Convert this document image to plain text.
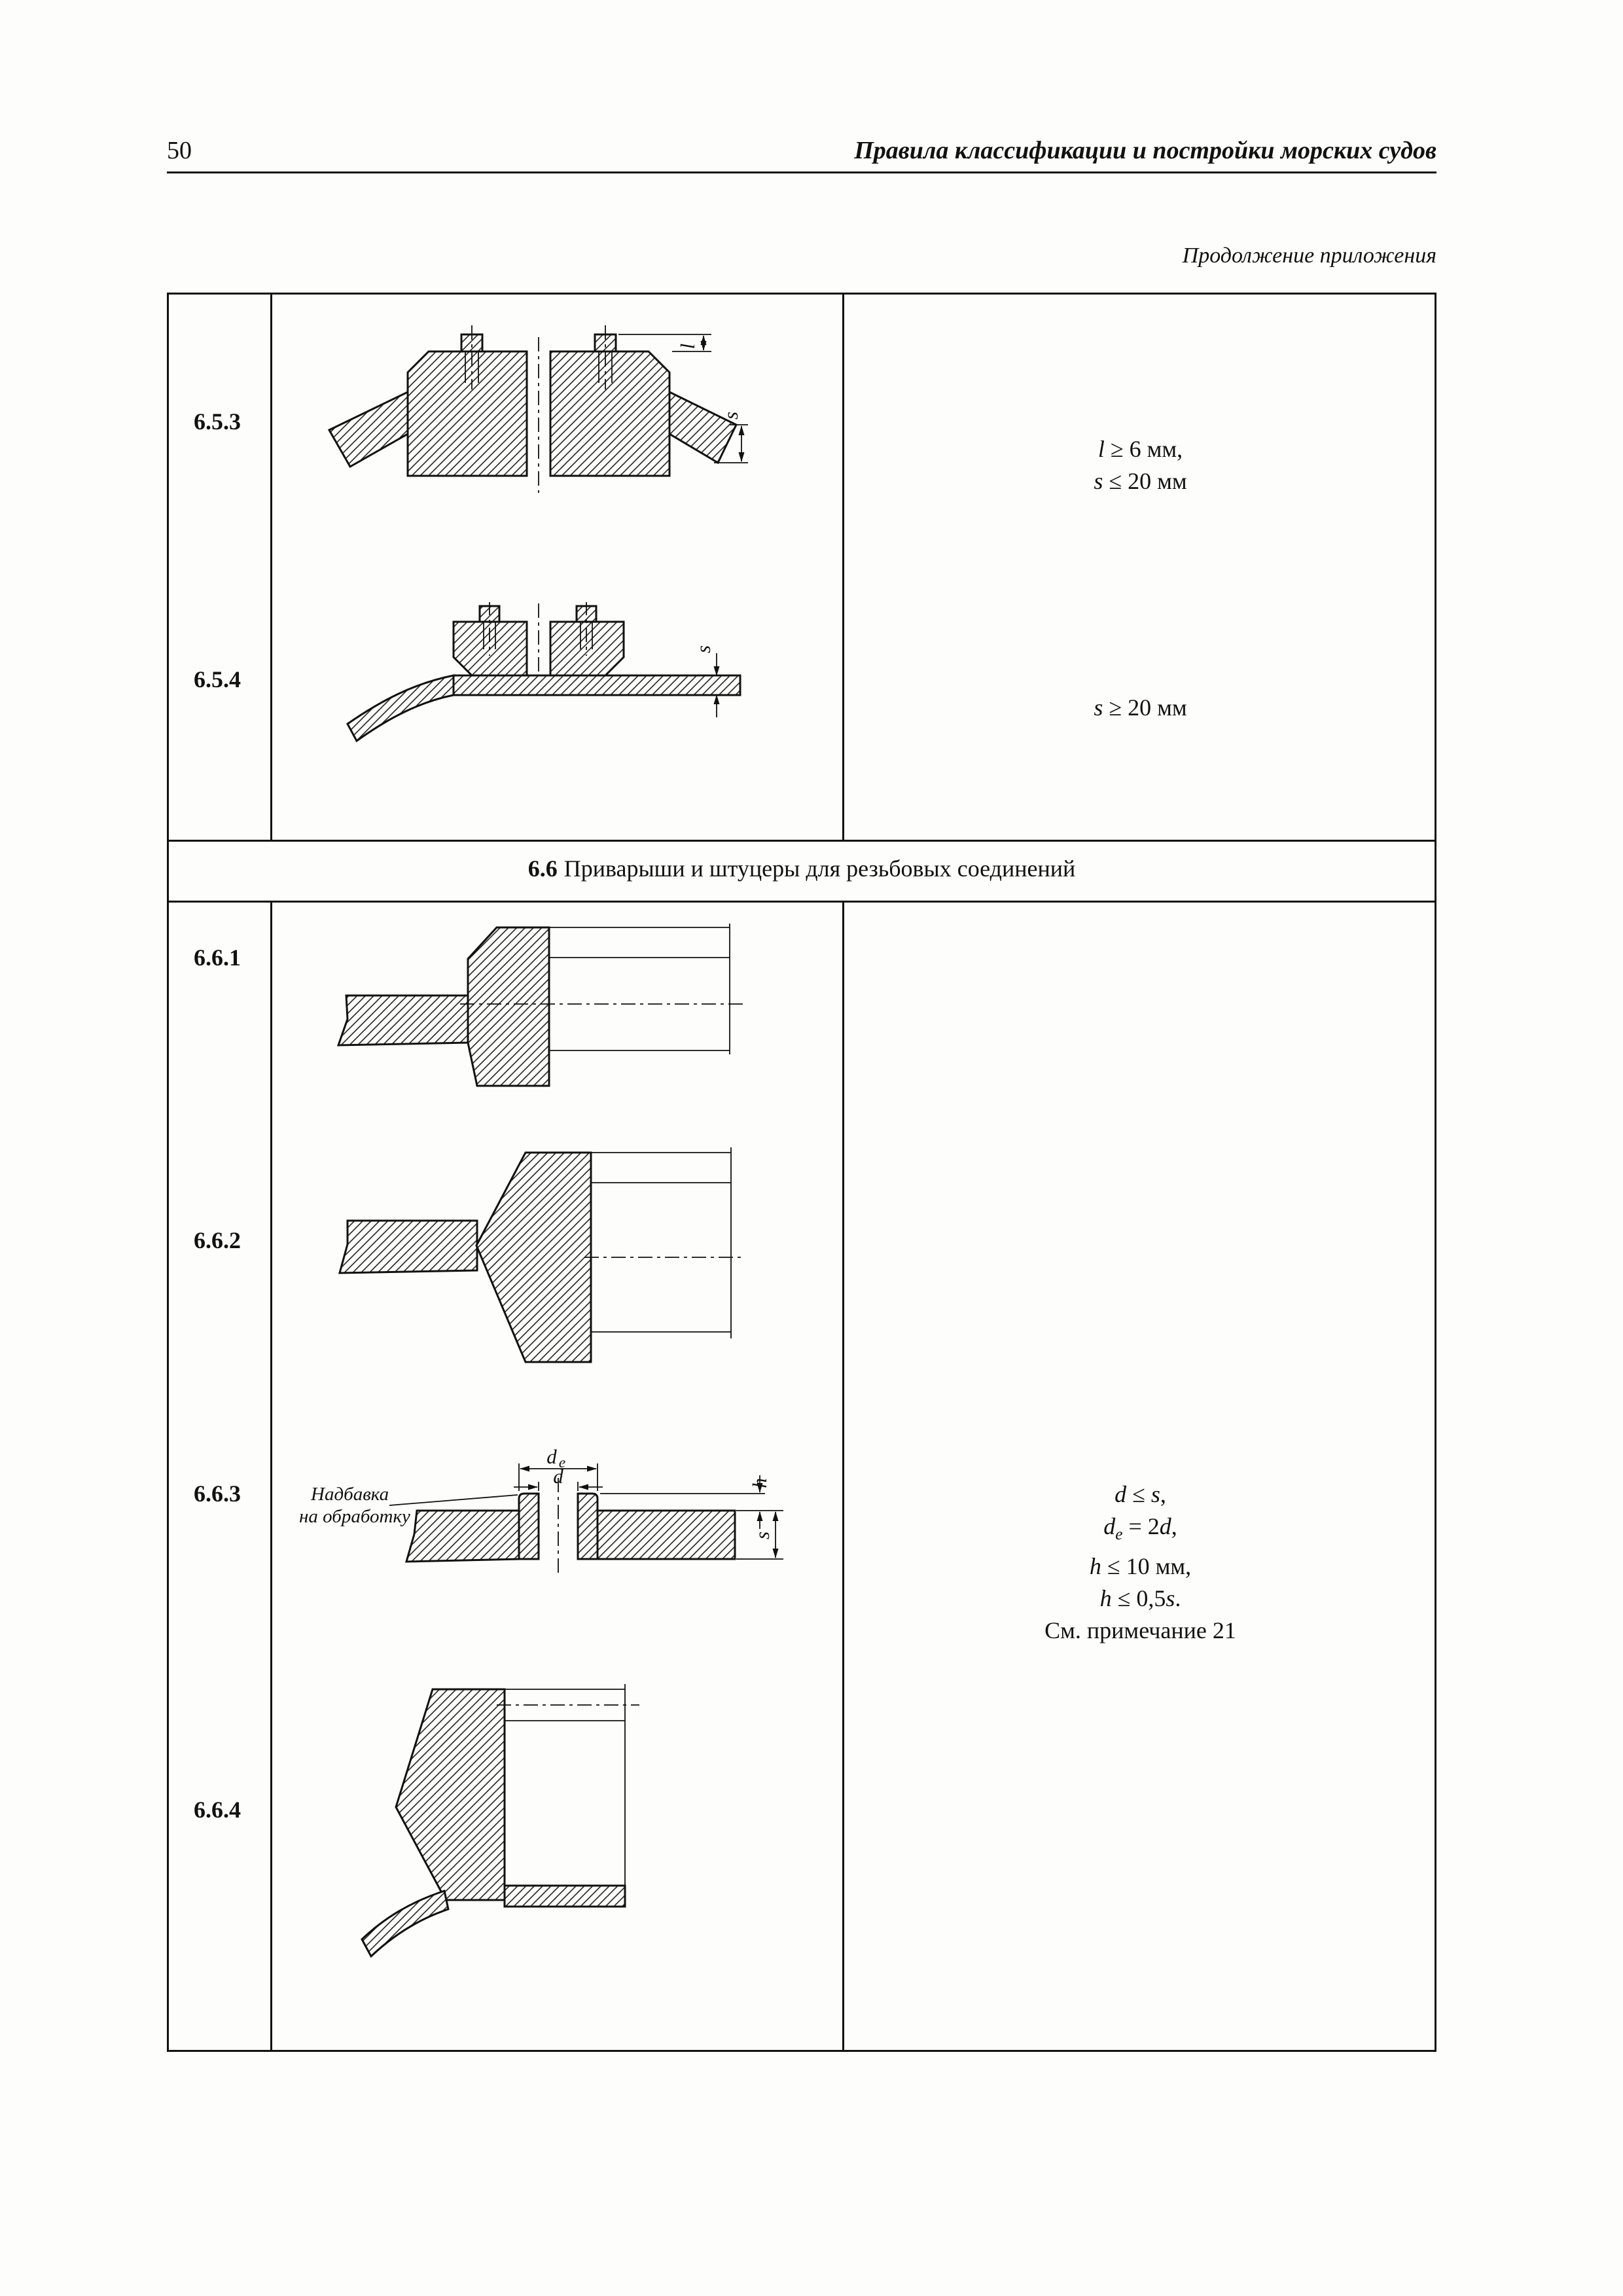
50	Правила классификации и постройки морских судов
Продолжение приложения
6.5.3
6.5.4
6.6.1
6.6.2
6.6.3
6.6.4
6.6 Приварыши и штуцеры для резьбовых соединений
l ≥ 6 мм,
s ≤ 20 мм
s ≥ 20 мм
d ≤ s,
$d_e = 2d$,
h ≤ 10 мм,
h ≤ 0,5s.
См. примечание 21
l
s
s
d e
d	h
s
Надбавка
на обработку
